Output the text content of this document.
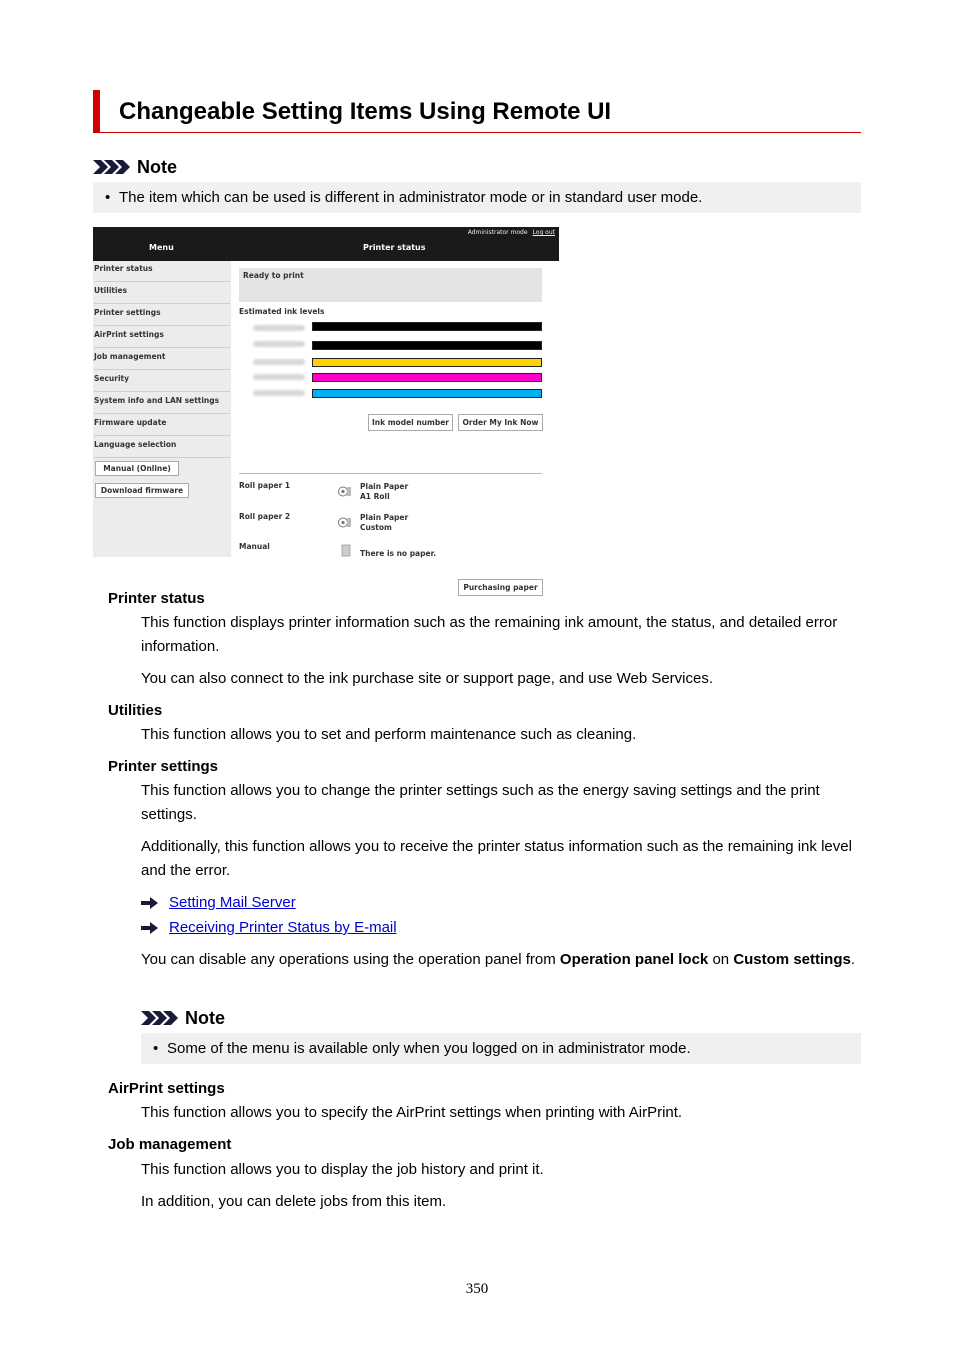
Changeable Setting Items Using Remote UI
Note
• The item which can be used is different in administrator mode or in standard user mode.
Administrator mode Log out
Menu	Printer status
Printer status
Utilities
Printer settings
AirPrint settings
Job management
Security
System info and LAN settings
Firmware update
Language selection
Manual (Online)
Download firmware
Ready to print
Estimated ink levels
Ink model number	Order My Ink Now
Roll paper 1	Plain Paper
A1 Roll
Roll paper 2	Plain Paper
Custom
Manual
There is no paper.
Purchasing paper
Printer status
This function displays printer information such as the remaining ink amount, the status, and detailed error information.
You can also connect to the ink purchase site or support page, and use Web Services.
Utilities
This function allows you to set and perform maintenance such as cleaning.
Printer settings
This function allows you to change the printer settings such as the energy saving settings and the print settings.
Additionally, this function allows you to receive the printer status information such as the remaining ink level and the error.
Setting Mail Server
Receiving Printer Status by E-mail
You can disable any operations using the operation panel from Operation panel lock on Custom settings.
Note
• Some of the menu is available only when you logged on in administrator mode.
AirPrint settings
This function allows you to specify the AirPrint settings when printing with AirPrint.
Job management
This function allows you to display the job history and print it.
In addition, you can delete jobs from this item.
350
